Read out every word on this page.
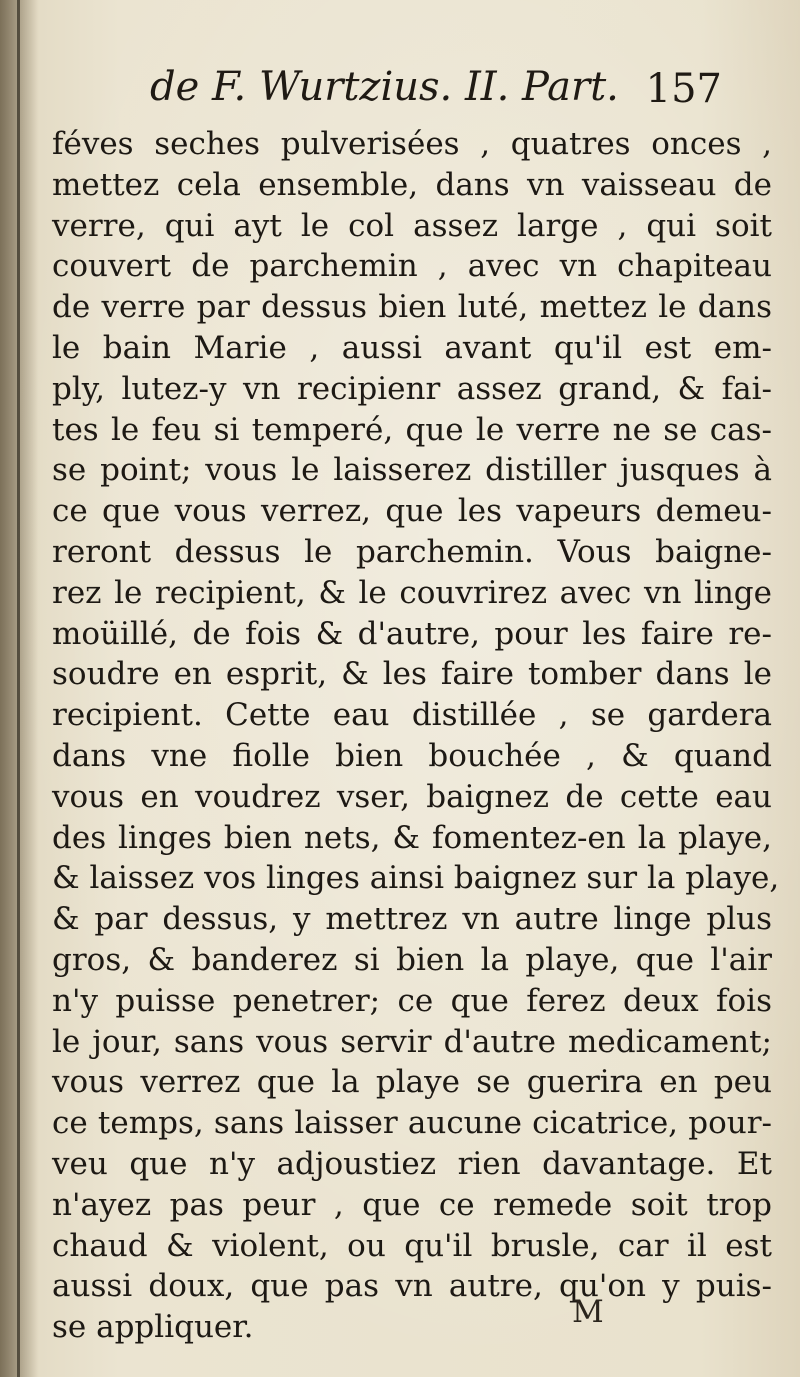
de F. Wurtzius. II. Part. 157
féves seches pulverisées , quatres onces ,
mettez cela ensemble, dans vn vaisseau de
verre, qui ayt le col assez large , qui soit
couvert de parchemin , avec vn chapiteau
de verre par dessus bien luté, mettez le dans
le bain Marie , aussi avant qu'il est em-
ply, lutez-y vn recipienr assez grand, & fai-
tes le feu si temperé, que le verre ne se cas-
se point; vous le laisserez distiller jusques à
ce que vous verrez, que les vapeurs demeu-
reront dessus le parchemin. Vous baigne-
rez le recipient, & le couvrirez avec vn linge
moüillé, de fois & d'autre, pour les faire re-
soudre en esprit, & les faire tomber dans le
recipient. Cette eau distillée , se gardera
dans vne fiolle bien bouchée , & quand
vous en voudrez vser, baignez de cette eau
des linges bien nets, & fomentez-en la playe,
& laissez vos linges ainsi baignez sur la playe,
& par dessus, y mettrez vn autre linge plus
gros, & banderez si bien la playe, que l'air
n'y puisse penetrer; ce que ferez deux fois
le jour, sans vous servir d'autre medicament;
vous verrez que la playe se guerira en peu
ce temps, sans laisser aucune cicatrice, pour-
veu que n'y adjoustiez rien davantage. Et
n'ayez pas peur , que ce remede soit trop
chaud & violent, ou qu'il brusle, car il est
aussi doux, que pas vn autre, qu'on y puis-
se appliquer.	M
